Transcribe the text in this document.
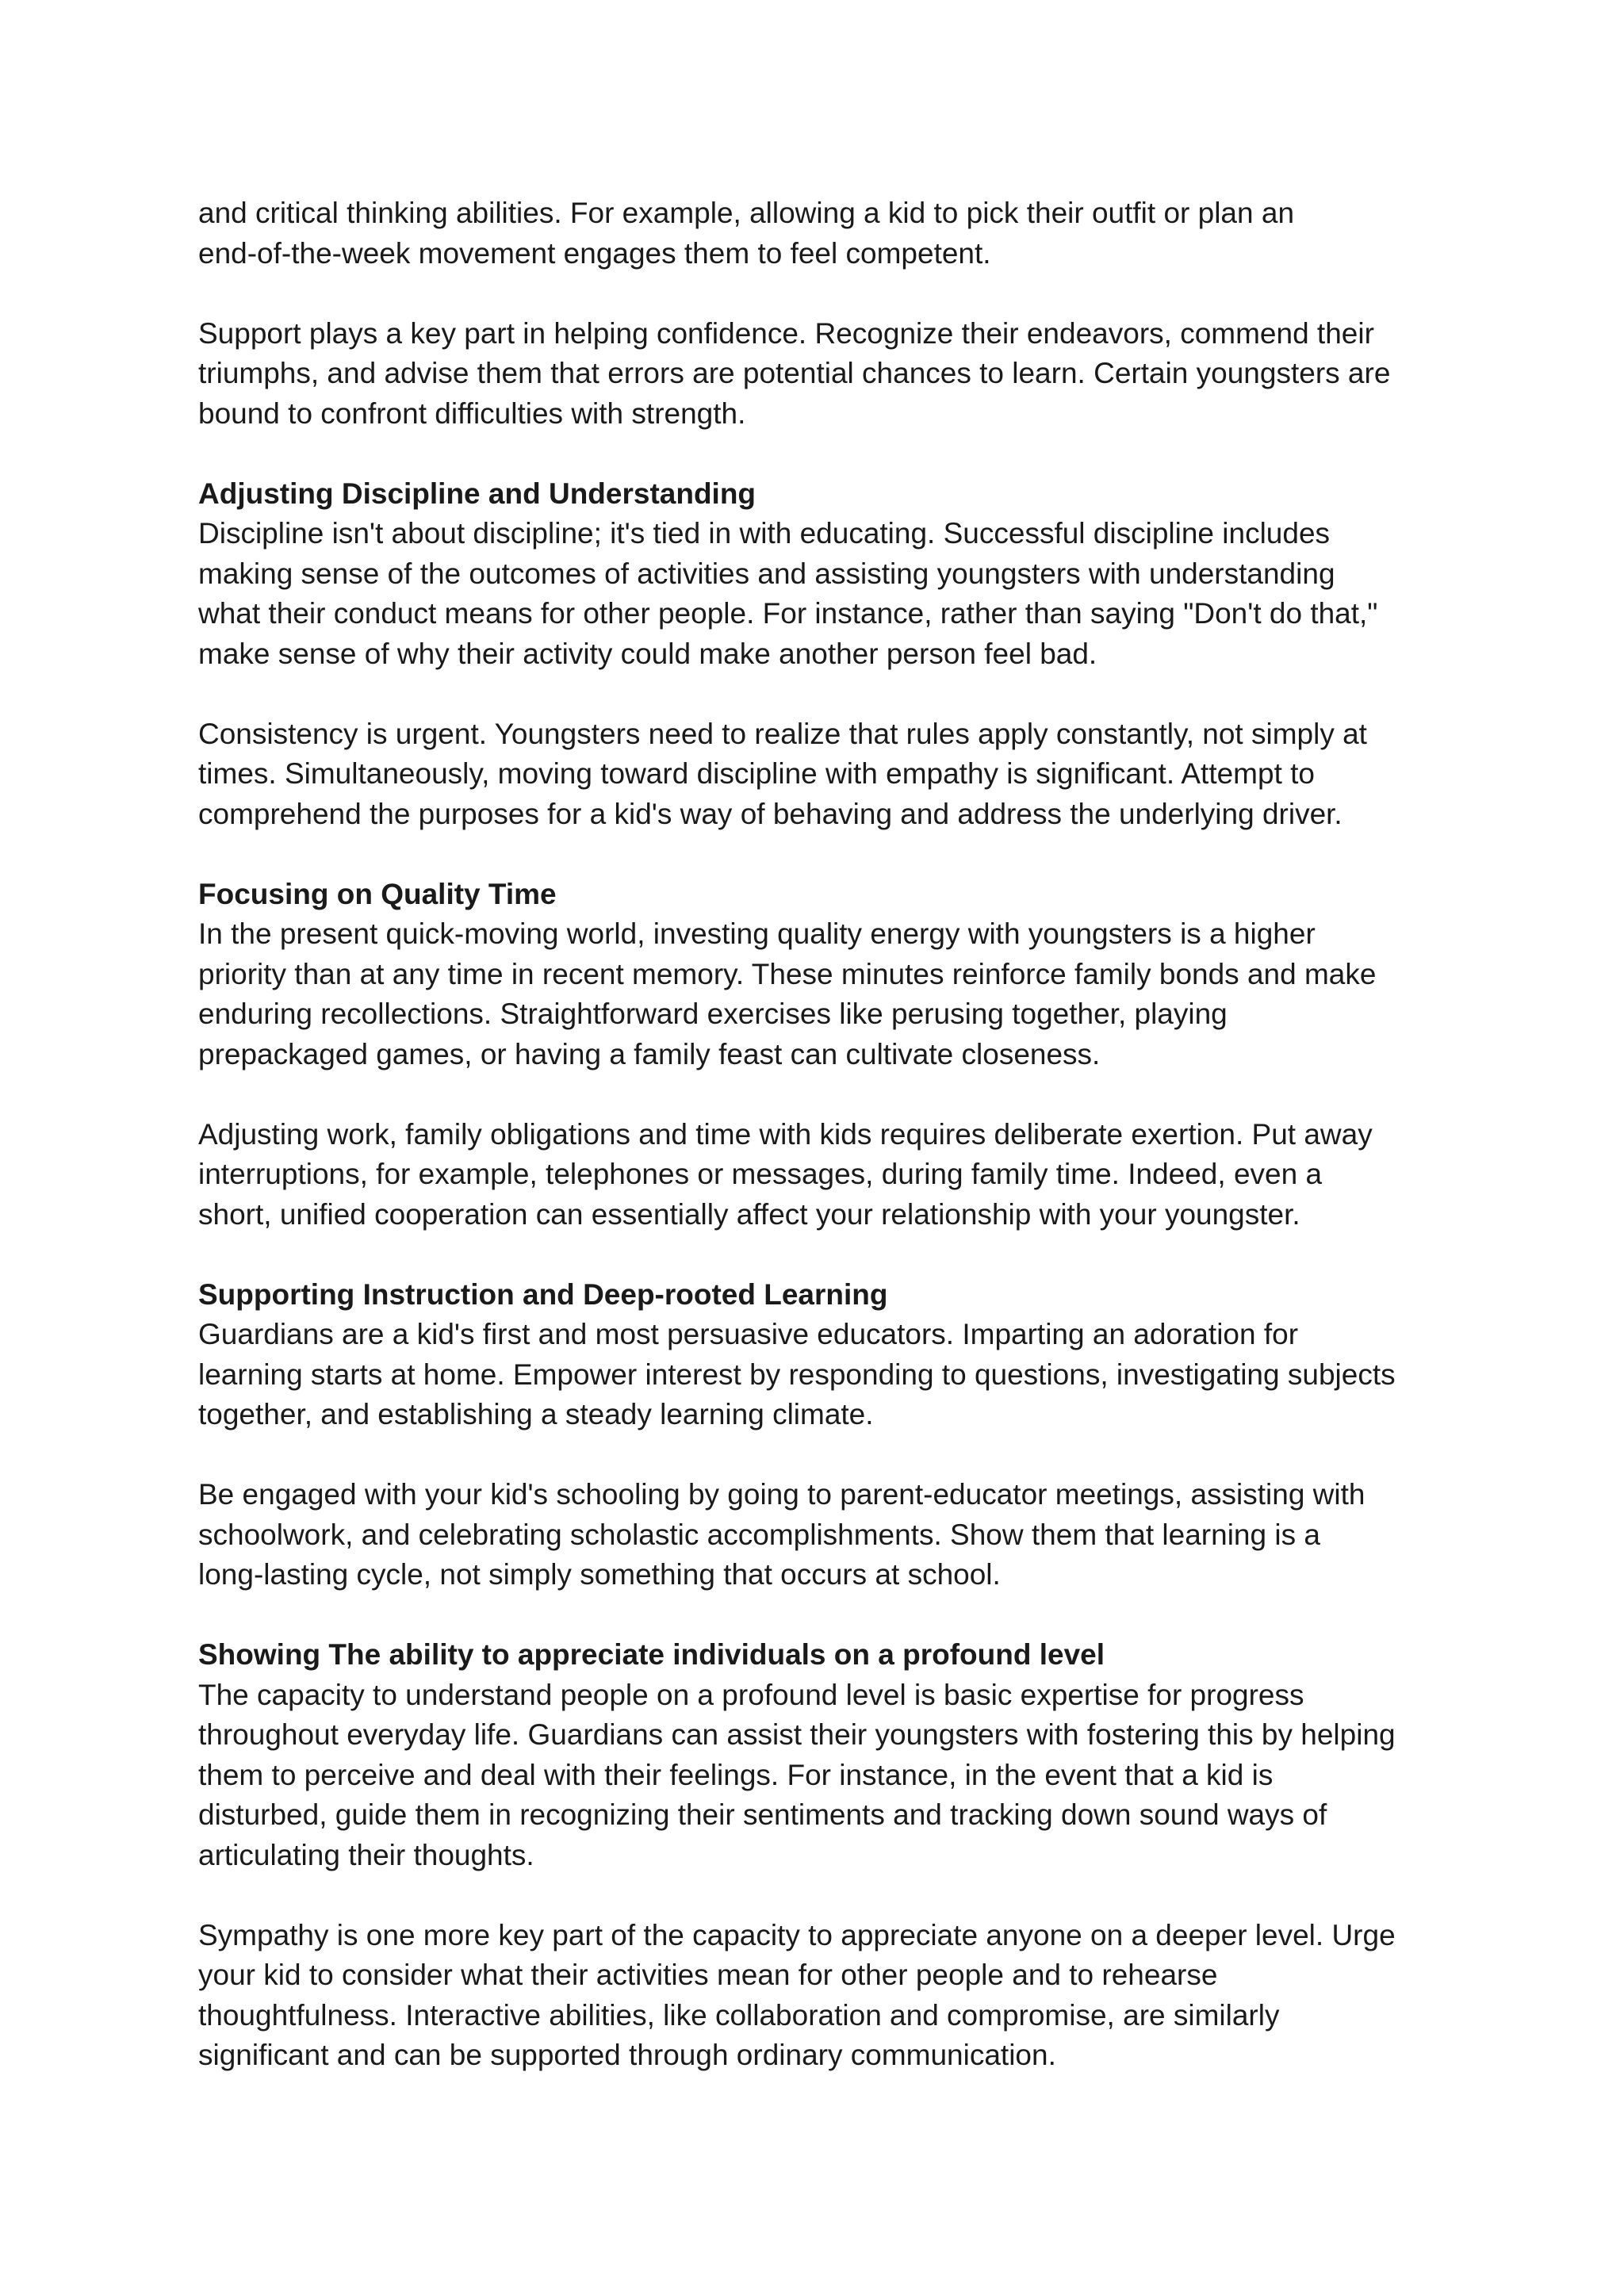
and critical thinking abilities. For example, allowing a kid to pick their outfit or plan an
end-of-the-week movement engages them to feel competent.
Support plays a key part in helping confidence. Recognize their endeavors, commend their
triumphs, and advise them that errors are potential chances to learn. Certain youngsters are
bound to confront difficulties with strength.
Adjusting Discipline and Understanding
Discipline isn't about discipline; it's tied in with educating. Successful discipline includes
making sense of the outcomes of activities and assisting youngsters with understanding
what their conduct means for other people. For instance, rather than saying "Don't do that,"
make sense of why their activity could make another person feel bad.
Consistency is urgent. Youngsters need to realize that rules apply constantly, not simply at
times. Simultaneously, moving toward discipline with empathy is significant. Attempt to
comprehend the purposes for a kid's way of behaving and address the underlying driver.
Focusing on Quality Time
In the present quick-moving world, investing quality energy with youngsters is a higher
priority than at any time in recent memory. These minutes reinforce family bonds and make
enduring recollections. Straightforward exercises like perusing together, playing
prepackaged games, or having a family feast can cultivate closeness.
Adjusting work, family obligations and time with kids requires deliberate exertion. Put away
interruptions, for example, telephones or messages, during family time. Indeed, even a
short, unified cooperation can essentially affect your relationship with your youngster.
Supporting Instruction and Deep-rooted Learning
Guardians are a kid's first and most persuasive educators. Imparting an adoration for
learning starts at home. Empower interest by responding to questions, investigating subjects
together, and establishing a steady learning climate.
Be engaged with your kid's schooling by going to parent-educator meetings, assisting with
schoolwork, and celebrating scholastic accomplishments. Show them that learning is a
long-lasting cycle, not simply something that occurs at school.
Showing The ability to appreciate individuals on a profound level
The capacity to understand people on a profound level is basic expertise for progress
throughout everyday life. Guardians can assist their youngsters with fostering this by helping
them to perceive and deal with their feelings. For instance, in the event that a kid is
disturbed, guide them in recognizing their sentiments and tracking down sound ways of
articulating their thoughts.
Sympathy is one more key part of the capacity to appreciate anyone on a deeper level. Urge
your kid to consider what their activities mean for other people and to rehearse
thoughtfulness. Interactive abilities, like collaboration and compromise, are similarly
significant and can be supported through ordinary communication.
